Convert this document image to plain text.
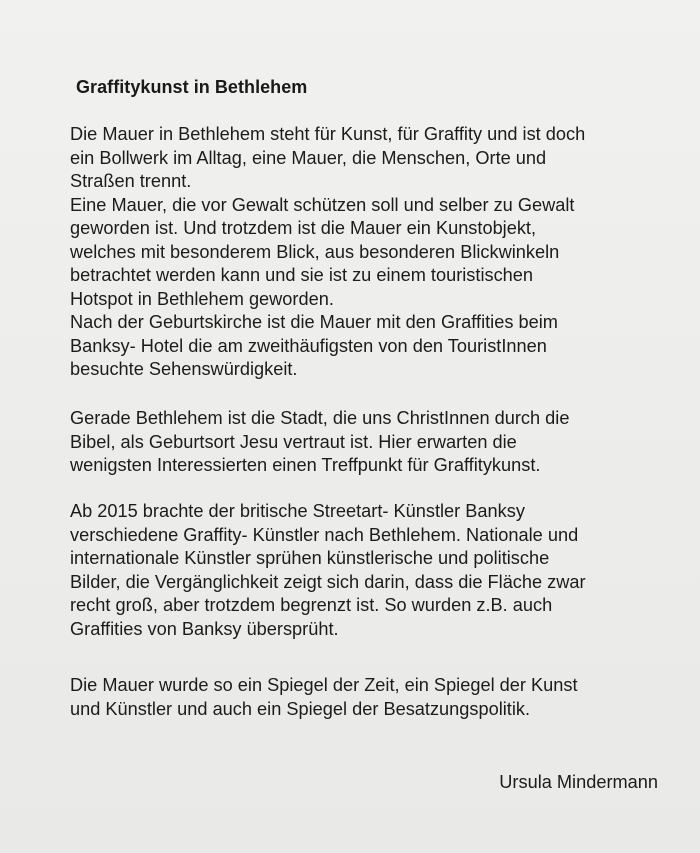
Graffitykunst in Bethlehem

Die Mauer in Bethlehem steht für Kunst, für Graffity und ist doch
ein Bollwerk im Alltag, eine Mauer, die Menschen, Orte und
Straßen trennt.
Eine Mauer, die vor Gewalt schützen soll und selber zu Gewalt
geworden ist. Und trotzdem ist die Mauer ein Kunstobjekt,
welches mit besonderem Blick, aus besonderen Blickwinkeln
betrachtet werden kann und sie ist zu einem touristischen
Hotspot in Bethlehem geworden.
Nach der Geburtskirche ist die Mauer mit den Graffities beim
Banksy- Hotel die am zweithäufigsten von den TouristInnen
besuchte Sehenswürdigkeit.

Gerade Bethlehem ist die Stadt, die uns ChristInnen durch die
Bibel, als Geburtsort Jesu vertraut ist. Hier erwarten die
wenigsten Interessierten einen Treffpunkt für Graffitykunst.

Ab 2015 brachte der britische Streetart- Künstler Banksy
verschiedene Graffity- Künstler nach Bethlehem. Nationale und
internationale Künstler sprühen künstlerische und politische
Bilder, die Vergänglichkeit zeigt sich darin, dass die Fläche zwar
recht groß, aber trotzdem begrenzt ist. So wurden z.B. auch
Graffities von Banksy übersprüht.

Die Mauer wurde so ein Spiegel der Zeit, ein Spiegel der Kunst
und Künstler und auch ein Spiegel der Besatzungspolitik.

Ursula Mindermann
